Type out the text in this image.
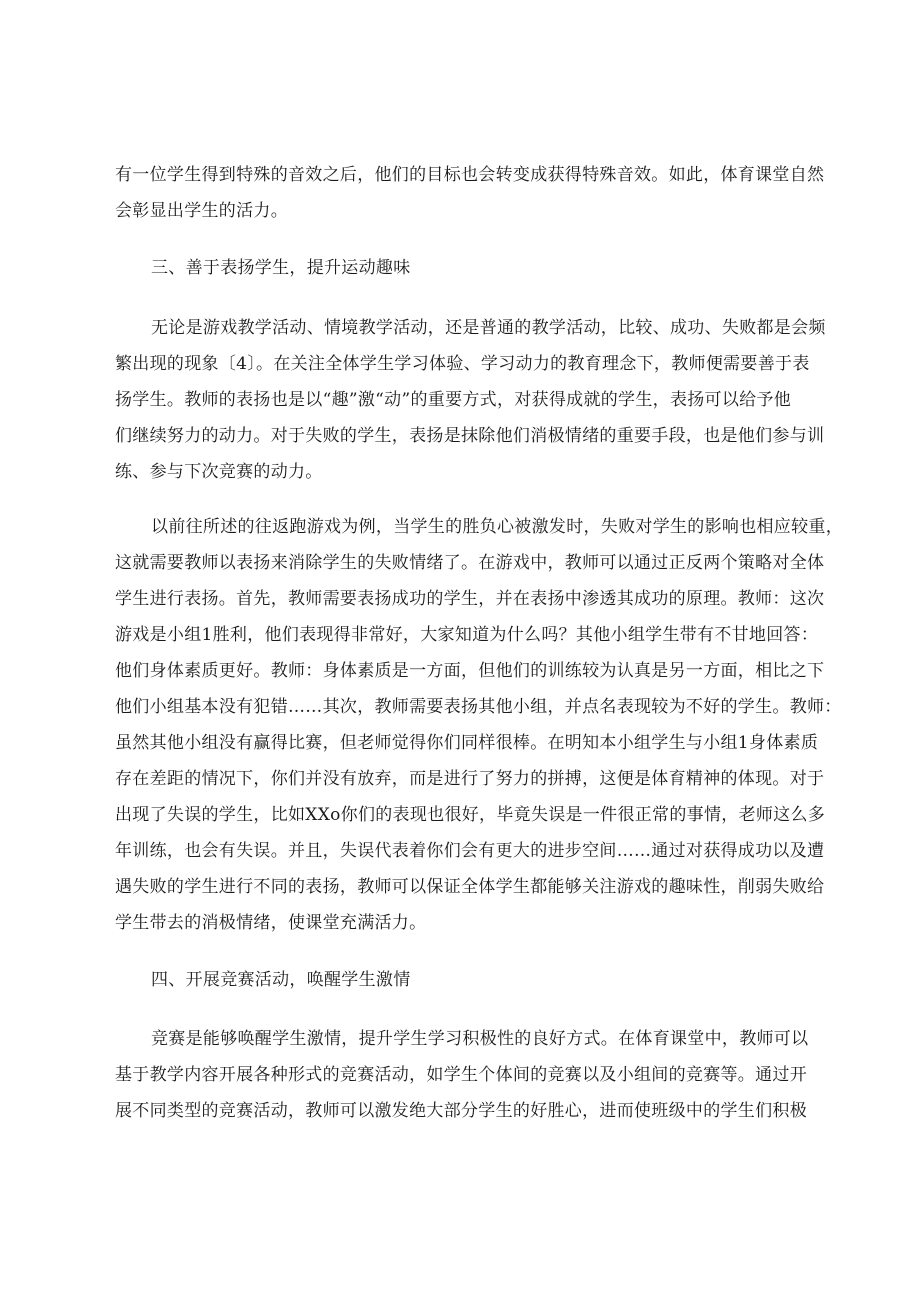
有一位学生得到特殊的音效之后，他们的目标也会转变成获得特殊音效。如此，体育课堂自然
会彰显出学生的活力。
三、善于表扬学生，提升运动趣味
无论是游戏教学活动、情境教学活动，还是普通的教学活动，比较、成功、失败都是会频
繁出现的现象〔4〕。在关注全体学生学习体验、学习动力的教育理念下，教师便需要善于表
扬学生。教师的表扬也是以“趣”激“动”的重要方式，对获得成就的学生，表扬可以给予他
们继续努力的动力。对于失败的学生，表扬是抹除他们消极情绪的重要手段，也是他们参与训
练、参与下次竞赛的动力。
以前往所述的往返跑游戏为例，当学生的胜负心被激发时，失败对学生的影响也相应较重，
这就需要教师以表扬来消除学生的失败情绪了。在游戏中，教师可以通过正反两个策略对全体
学生进行表扬。首先，教师需要表扬成功的学生，并在表扬中渗透其成功的原理。教师：这次
游戏是小组1胜利，他们表现得非常好，大家知道为什么吗？其他小组学生带有不甘地回答：
他们身体素质更好。教师：身体素质是一方面，但他们的训练较为认真是另一方面，相比之下
他们小组基本没有犯错……其次，教师需要表扬其他小组，并点名表现较为不好的学生。教师：
虽然其他小组没有赢得比赛，但老师觉得你们同样很棒。在明知本小组学生与小组1身体素质
存在差距的情况下，你们并没有放弃，而是进行了努力的拼搏，这便是体育精神的体现。对于
出现了失误的学生，比如XXo你们的表现也很好，毕竟失误是一件很正常的事情，老师这么多
年训练，也会有失误。并且，失误代表着你们会有更大的进步空间……通过对获得成功以及遭
遇失败的学生进行不同的表扬，教师可以保证全体学生都能够关注游戏的趣味性，削弱失败给
学生带去的消极情绪，使课堂充满活力。
四、开展竞赛活动，唤醒学生激情
竞赛是能够唤醒学生激情，提升学生学习积极性的良好方式。在体育课堂中，教师可以
基于教学内容开展各种形式的竞赛活动，如学生个体间的竞赛以及小组间的竞赛等。通过开
展不同类型的竞赛活动，教师可以激发绝大部分学生的好胜心，进而使班级中的学生们积极
